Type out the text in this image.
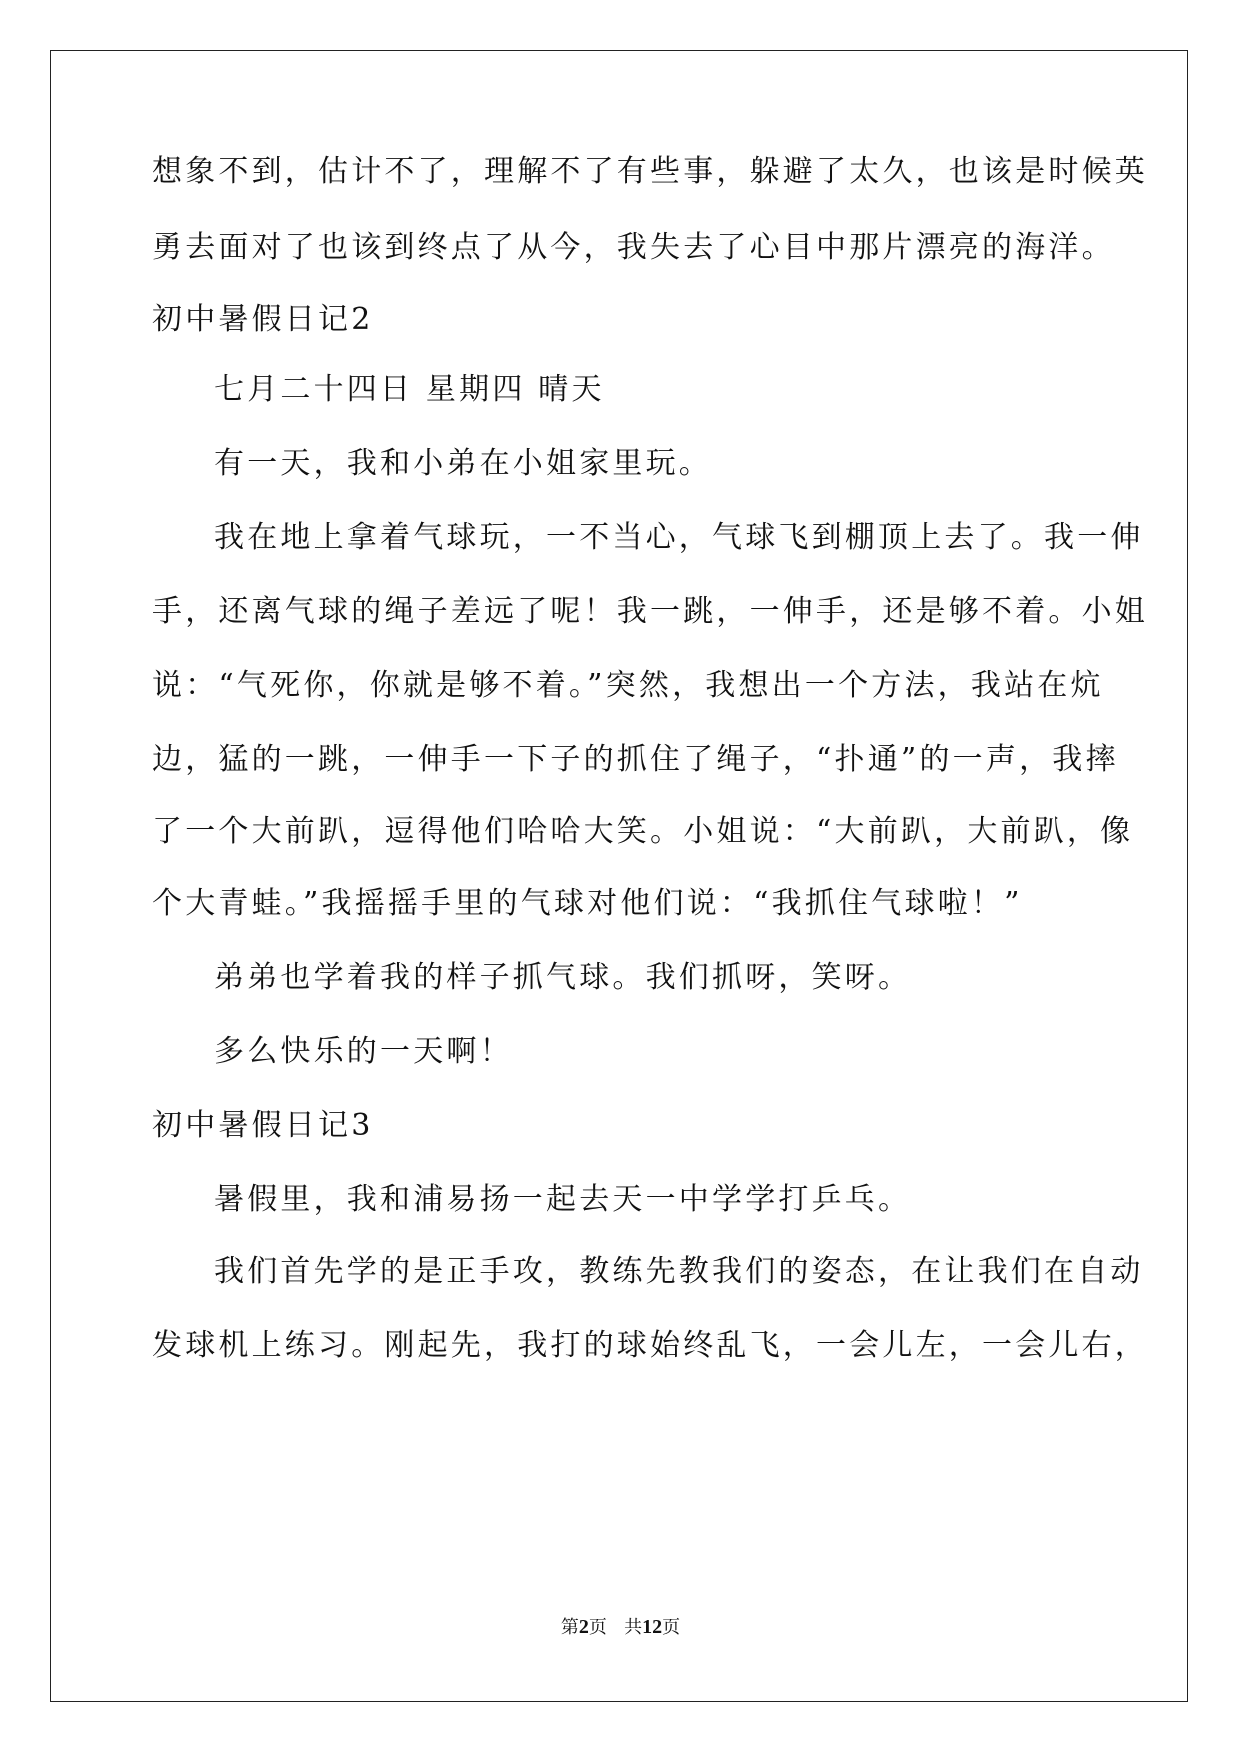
想象不到，估计不了，理解不了有些事，躲避了太久，也该是时候英
勇去面对了也该到终点了从今，我失去了心目中那片漂亮的海洋。
初中暑假日记2
七月二十四日 星期四 晴天
有一天，我和小弟在小姐家里玩。
我在地上拿着气球玩，一不当心，气球飞到棚顶上去了。我一伸
手，还离气球的绳子差远了呢！我一跳，一伸手，还是够不着。小姐
说：“气死你，你就是够不着。”突然，我想出一个方法，我站在炕
边，猛的一跳，一伸手一下子的抓住了绳子，“扑通”的一声，我摔
了一个大前趴，逗得他们哈哈大笑。小姐说：“大前趴，大前趴，像
个大青蛙。”我摇摇手里的气球对他们说：“我抓住气球啦！”
弟弟也学着我的样子抓气球。我们抓呀，笑呀。
多么快乐的一天啊！
初中暑假日记3
暑假里，我和浦易扬一起去天一中学学打乒乓。
我们首先学的是正手攻，教练先教我们的姿态，在让我们在自动
发球机上练习。刚起先，我打的球始终乱飞，一会儿左，一会儿右，
第2页 共12页
